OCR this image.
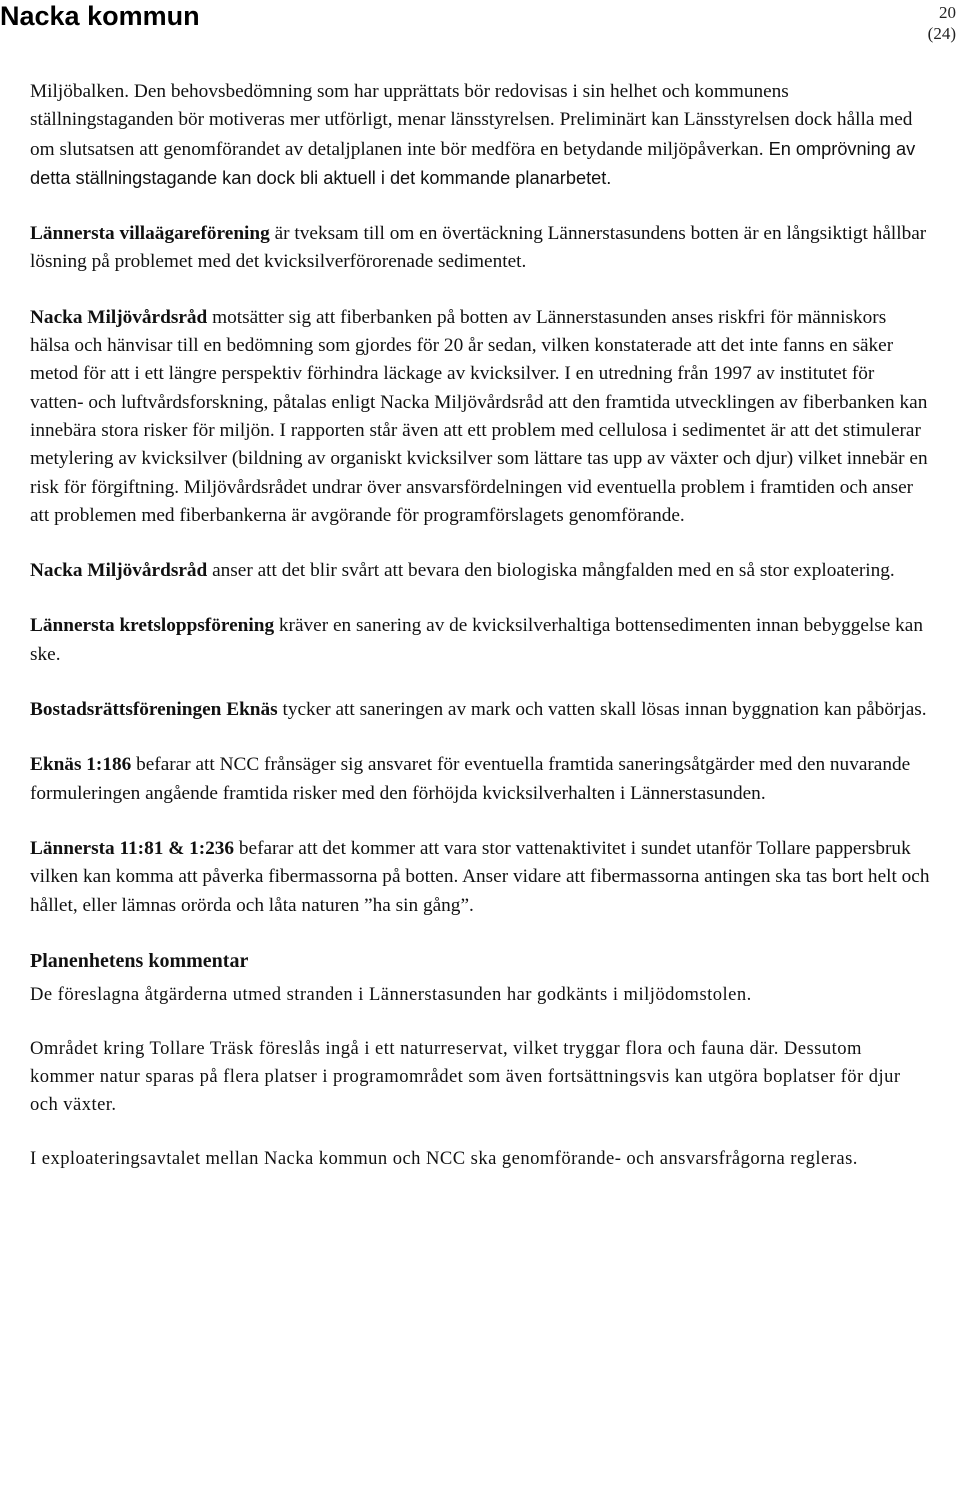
Nacka kommun	20
(24)

Miljöbalken. Den behovsbedömning som har upprättats bör redovisas i sin helhet och kommunens ställningstaganden bör motiveras mer utförligt, menar länsstyrelsen. Preliminärt kan Länsstyrelsen dock hålla med om slutsatsen att genomförandet av detaljplanen inte bör medföra en betydande miljöpåverkan. En omprövning av detta ställningstagande kan dock bli aktuell i det kommande planarbetet.

Lännersta villaägareförening är tveksam till om en övertäckning Lännerstasundens botten är en långsiktigt hållbar lösning på problemet med det kvicksilverförorenade sedimentet.

Nacka Miljövårdsråd motsätter sig att fiberbanken på botten av Lännerstasunden anses riskfri för människors hälsa och hänvisar till en bedömning som gjordes för 20 år sedan, vilken konstaterade att det inte fanns en säker metod för att i ett längre perspektiv förhindra läckage av kvicksilver. I en utredning från 1997 av institutet för vatten- och luftvårdsforskning, påtalas enligt Nacka Miljövårdsråd att den framtida utvecklingen av fiberbanken kan innebära stora risker för miljön. I rapporten står även att ett problem med cellulosa i sedimentet är att det stimulerar metylering av kvicksilver (bildning av organiskt kvicksilver som lättare tas upp av växter och djur) vilket innebär en risk för förgiftning. Miljövårdsrådet undrar över ansvarsfördelningen vid eventuella problem i framtiden och anser att problemen med fiberbankerna är avgörande för programförslagets genomförande.

Nacka Miljövårdsråd anser att det blir svårt att bevara den biologiska mångfalden med en så stor exploatering.

Lännersta kretsloppsförening kräver en sanering av de kvicksilverhaltiga bottensedimenten innan bebyggelse kan ske.

Bostadsrättsföreningen Eknäs tycker att saneringen av mark och vatten skall lösas innan byggnation kan påbörjas.

Eknäs 1:186 befarar att NCC frånsäger sig ansvaret för eventuella framtida saneringsåtgärder med den nuvarande formuleringen angående framtida risker med den förhöjda kvicksilverhalten i Lännerstasunden.

Lännersta 11:81 & 1:236 befarar att det kommer att vara stor vattenaktivitet i sundet utanför Tollare pappersbruk vilken kan komma att påverka fibermassorna på botten. Anser vidare att fibermassorna antingen ska tas bort helt och hållet, eller lämnas orörda och låta naturen ”ha sin gång”.

Planenhetens kommentar

De föreslagna åtgärderna utmed stranden i Lännerstasunden har godkänts i miljödomstolen.

Området kring Tollare Träsk föreslås ingå i ett naturreservat, vilket tryggar flora och fauna där. Dessutom kommer natur sparas på flera platser i programområdet som även fortsättningsvis kan utgöra boplatser för djur och växter.

I exploateringsavtalet mellan Nacka kommun och NCC ska genomförande- och ansvarsfrågorna regleras.
